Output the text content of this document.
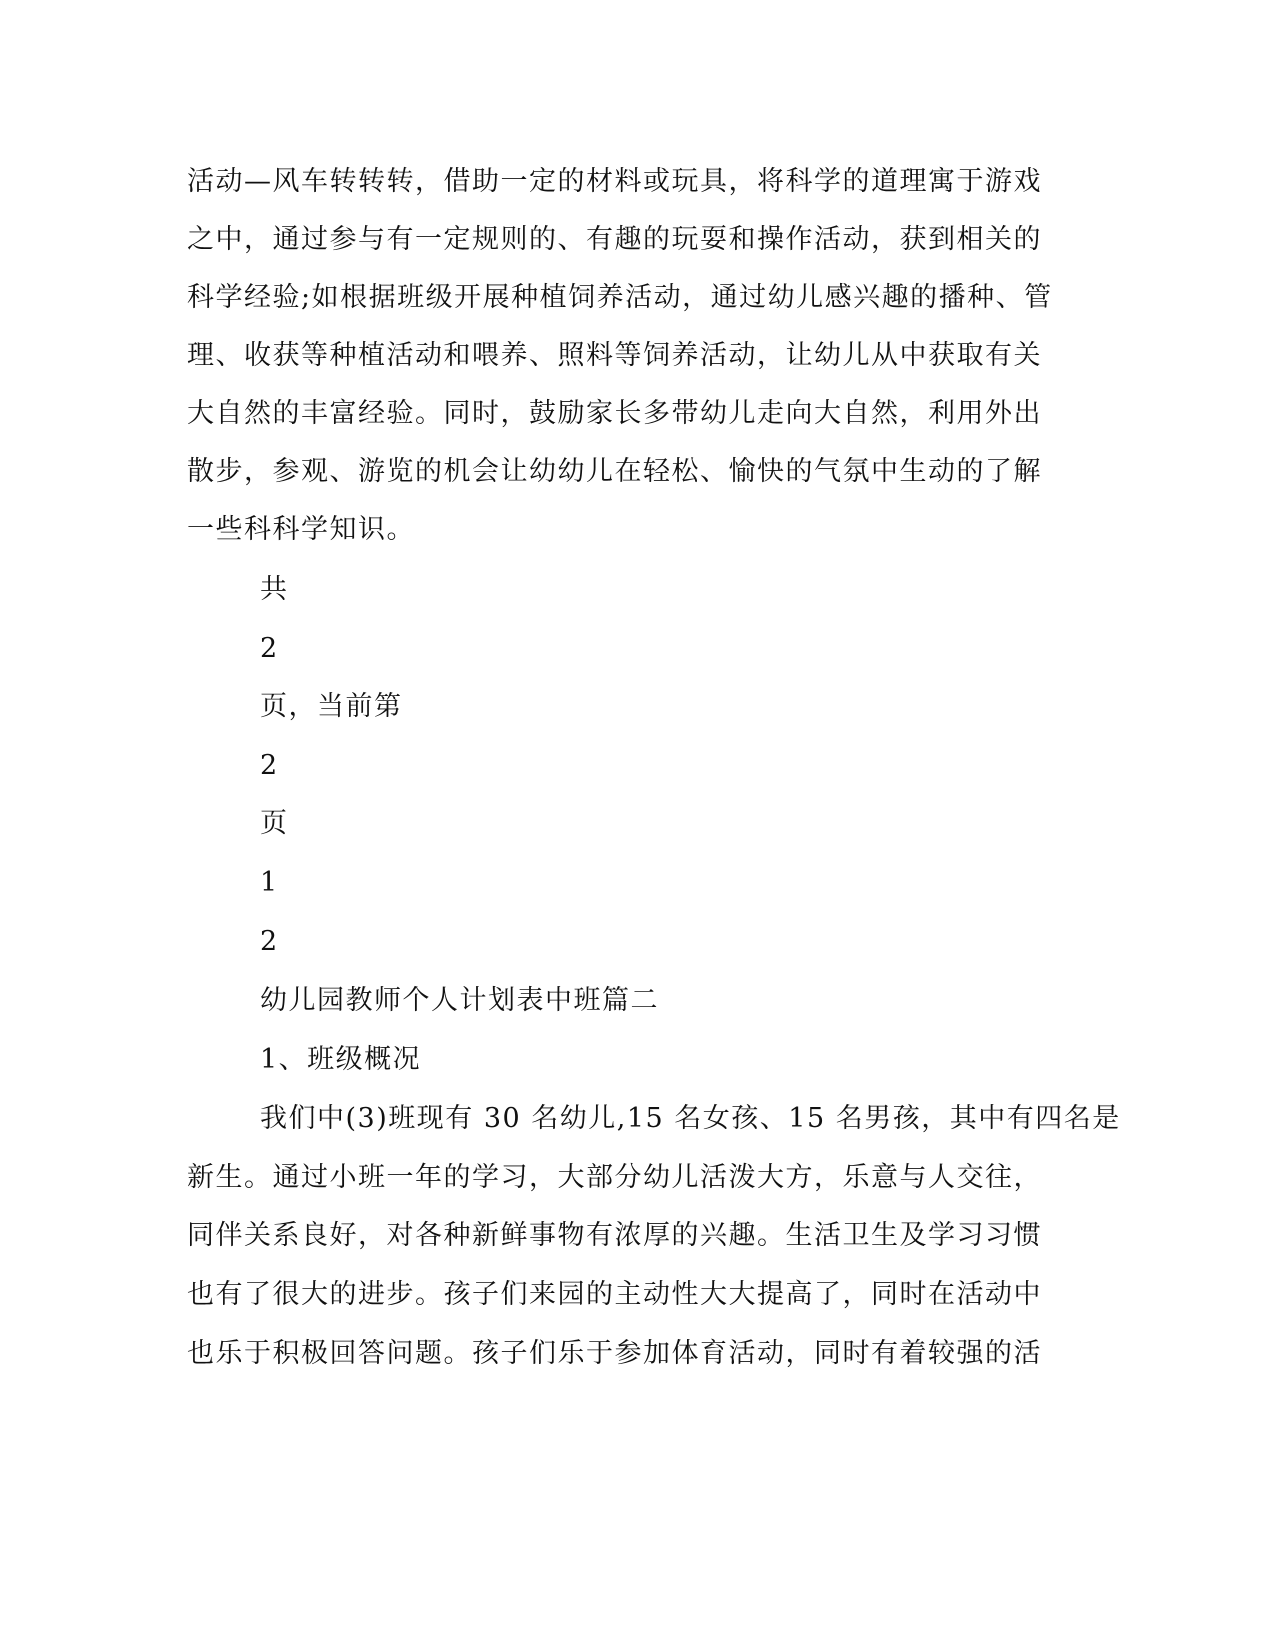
活动—风车转转转，借助一定的材料或玩具，将科学的道理寓于游戏
之中，通过参与有一定规则的、有趣的玩耍和操作活动，获到相关的
科学经验;如根据班级开展种植饲养活动，通过幼儿感兴趣的播种、管
理、收获等种植活动和喂养、照料等饲养活动，让幼儿从中获取有关
大自然的丰富经验。同时，鼓励家长多带幼儿走向大自然，利用外出
散步，参观、游览的机会让幼幼儿在轻松、愉快的气氛中生动的了解
一些科科学知识。
共
2
页，当前第
2
页
1
2
幼儿园教师个人计划表中班篇二
1、班级概况
我们中(3)班现有 30 名幼儿,15 名女孩、15 名男孩，其中有四名是
新生。通过小班一年的学习，大部分幼儿活泼大方，乐意与人交往，
同伴关系良好，对各种新鲜事物有浓厚的兴趣。生活卫生及学习习惯
也有了很大的进步。孩子们来园的主动性大大提高了，同时在活动中
也乐于积极回答问题。孩子们乐于参加体育活动，同时有着较强的活
